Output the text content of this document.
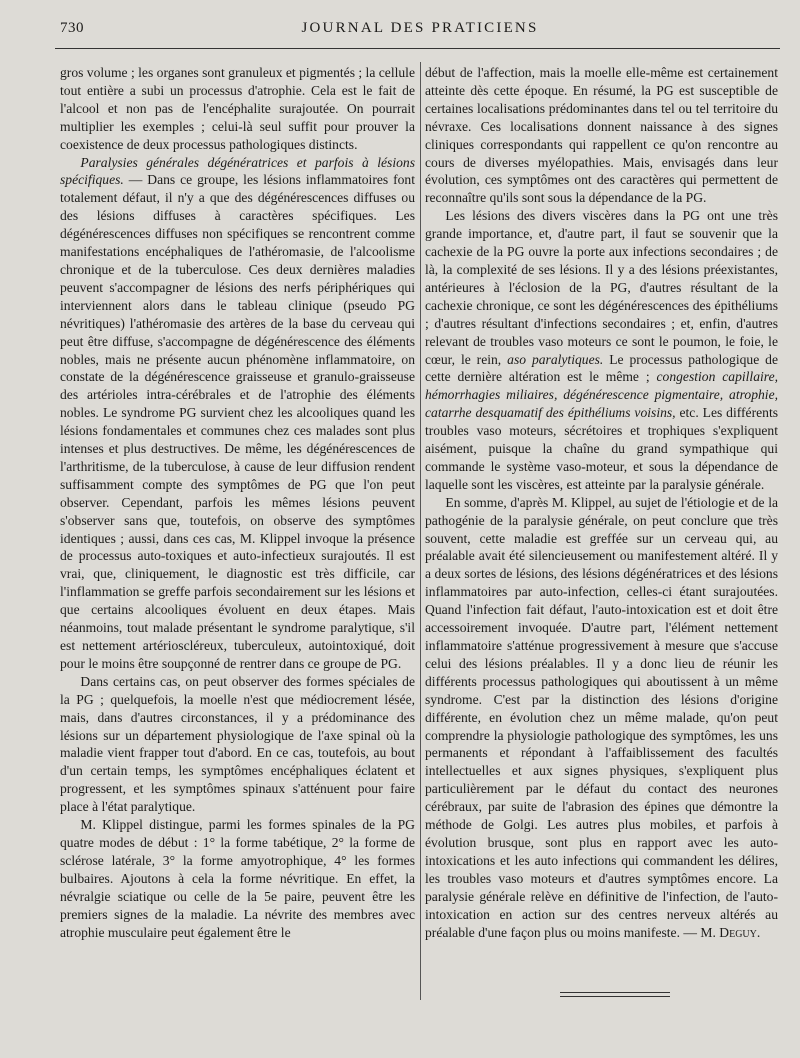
730	JOURNAL DES PRATICIENS

gros volume ; les organes sont granuleux et pigmentés ; la cellule tout entière a subi un processus d'atrophie. Cela est le fait de l'alcool et non pas de l'encéphalite surajoutée. On pourrait multiplier les exemples ; celui-là seul suffit pour prouver la coexistence de deux processus pathologiques distincts.

Paralysies générales dégénératrices et parfois à lésions spécifiques. — Dans ce groupe, les lésions inflammatoires font totalement défaut, il n'y a que des dégénérescences diffuses ou des lésions diffuses à caractères spécifiques. Les dégénérescences diffuses non spécifiques se rencontrent comme manifestations encéphaliques de l'athéromasie, de l'alcoolisme chronique et de la tuberculose. Ces deux dernières maladies peuvent s'accompagner de lésions des nerfs périphériques qui interviennent alors dans le tableau clinique (pseudo PG névritiques) l'athéromasie des artères de la base du cerveau qui peut être diffuse, s'accompagne de dégénérescence des éléments nobles, mais ne présente aucun phénomène inflammatoire, on constate de la dégénérescence graisseuse et granulo-graisseuse des artérioles intra-cérébrales et de l'atrophie des éléments nobles. Le syndrome PG survient chez les alcooliques quand les lésions fondamentales et communes chez ces malades sont plus intenses et plus destructives. De même, les dégénérescences de l'arthritisme, de la tuberculose, à cause de leur diffusion rendent suffisamment compte des symptômes de PG que l'on peut observer. Cependant, parfois les mêmes lésions peuvent s'observer sans que, toutefois, on observe des symptômes identiques ; aussi, dans ces cas, M. Klippel invoque la présence de processus auto-toxiques et auto-infectieux surajoutés. Il est vrai, que, cliniquement, le diagnostic est très difficile, car l'inflammation se greffe parfois secondairement sur les lésions et que certains alcooliques évoluent en deux étapes. Mais néanmoins, tout malade présentant le syndrome paralytique, s'il est nettement artérioscléreux, tuberculeux, autointoxiqué, doit pour le moins être soupçonné de rentrer dans ce groupe de PG.

Dans certains cas, on peut observer des formes spéciales de la PG ; quelquefois, la moelle n'est que médiocrement lésée, mais, dans d'autres circonstances, il y a prédominance des lésions sur un département physiologique de l'axe spinal où la maladie vient frapper tout d'abord. En ce cas, toutefois, au bout d'un certain temps, les symptômes encéphaliques éclatent et progressent, et les symptômes spinaux s'atténuent pour faire place à l'état paralytique.

M. Klippel distingue, parmi les formes spinales de la PG quatre modes de début : 1° la forme tabétique, 2° la forme de sclérose latérale, 3° la forme amyotrophique, 4° les formes bulbaires. Ajoutons à cela la forme névritique. En effet, la névralgie sciatique ou celle de la 5e paire, peuvent être les premiers signes de la maladie. La névrite des membres avec atrophie musculaire peut également être le

début de l'affection, mais la moelle elle-même est certainement atteinte dès cette époque. En résumé, la PG est susceptible de certaines localisations prédominantes dans tel ou tel territoire du névraxe. Ces localisations donnent naissance à des signes cliniques correspondants qui rappellent ce qu'on rencontre au cours de diverses myélopathies. Mais, envisagés dans leur évolution, ces symptômes ont des caractères qui permettent de reconnaître qu'ils sont sous la dépendance de la PG.

Les lésions des divers viscères dans la PG ont une très grande importance, et, d'autre part, il faut se souvenir que la cachexie de la PG ouvre la porte aux infections secondaires ; de là, la complexité de ses lésions. Il y a des lésions préexistantes, antérieures à l'éclosion de la PG, d'autres résultant de la cachexie chronique, ce sont les dégénérescences des épithéliums ; d'autres résultant d'infections secondaires ; et, enfin, d'autres relevant de troubles vaso moteurs ce sont le poumon, le foie, le cœur, le rein, aso paralytiques. Le processus pathologique de cette dernière altération est le même ; congestion capillaire, hémorrhagies miliaires, dégénérescence pigmentaire, atrophie, catarrhe desquamatif des épithéliums voisins, etc. Les différents troubles vaso moteurs, sécrétoires et trophiques s'expliquent aisément, puisque la chaîne du grand sympathique qui commande le système vaso-moteur, et sous la dépendance de laquelle sont les viscères, est atteinte par la paralysie générale.

En somme, d'après M. Klippel, au sujet de l'étiologie et de la pathogénie de la paralysie générale, on peut conclure que très souvent, cette maladie est greffée sur un cerveau qui, au préalable avait été silencieusement ou manifestement altéré. Il y a deux sortes de lésions, des lésions dégénératrices et des lésions inflammatoires par auto-infection, celles-ci étant surajoutées. Quand l'infection fait défaut, l'auto-intoxication est et doit être accessoirement invoquée. D'autre part, l'élément nettement inflammatoire s'atténue progressivement à mesure que s'accuse celui des lésions préalables. Il y a donc lieu de réunir les différents processus pathologiques qui aboutissent à un même syndrome. C'est par la distinction des lésions d'origine différente, en évolution chez un même malade, qu'on peut comprendre la physiologie pathologique des symptômes, les uns permanents et répondant à l'affaiblissement des facultés intellectuelles et aux signes physiques, s'expliquent plus particulièrement par le défaut du contact des neurones cérébraux, par suite de l'abrasion des épines que démontre la méthode de Golgi. Les autres plus mobiles, et parfois à évolution brusque, sont plus en rapport avec les auto-intoxications et les auto infections qui commandent les délires, les troubles vaso moteurs et d'autres symptômes encore. La paralysie générale relève en définitive de l'infection, de l'auto-intoxication en action sur des centres nerveux altérés au préalable d'une façon plus ou moins manifeste. — M. Deguy.
